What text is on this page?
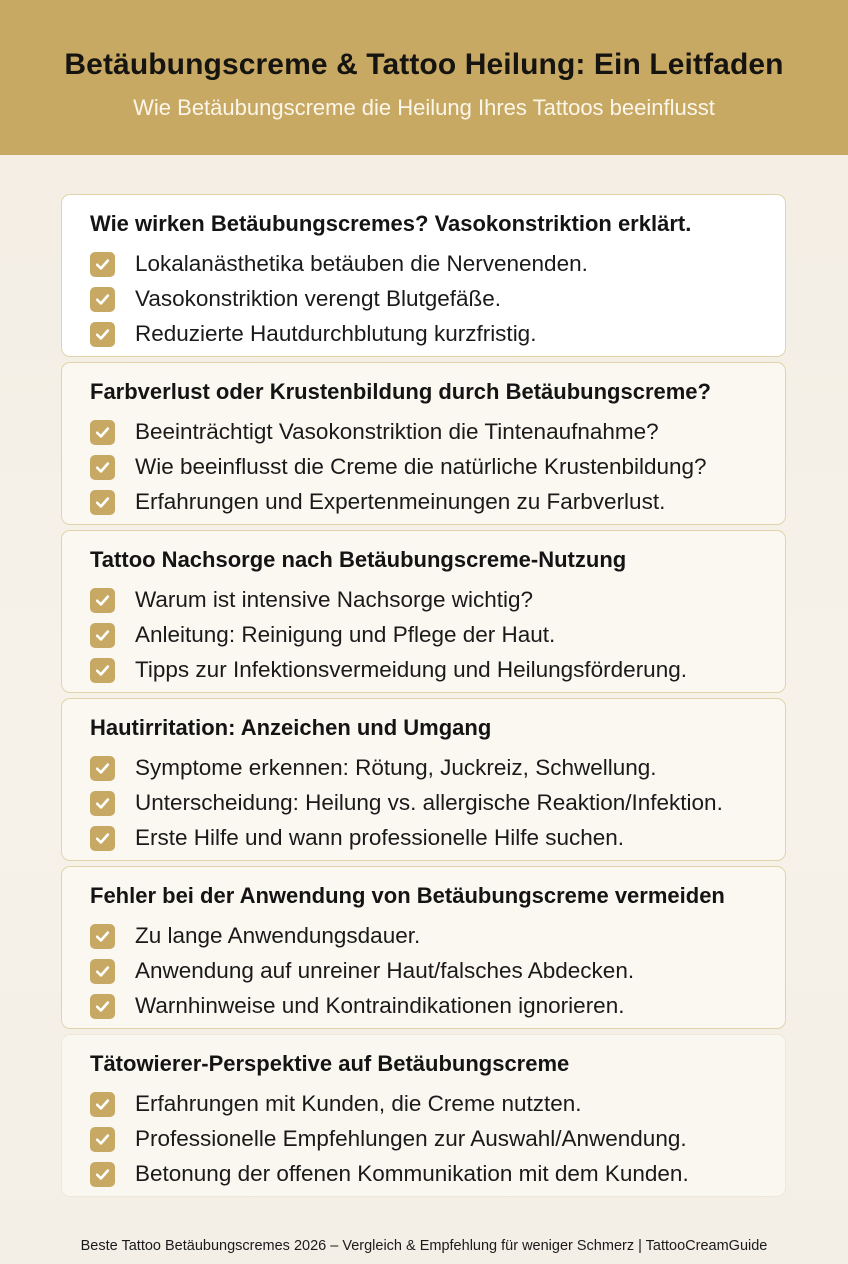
Betäubungscreme & Tattoo Heilung: Ein Leitfaden
Wie Betäubungscreme die Heilung Ihres Tattoos beeinflusst
Wie wirken Betäubungscremes? Vasokonstriktion erklärt.
Lokalanästhetika betäuben die Nervenenden.
Vasokonstriktion verengt Blutgefäße.
Reduzierte Hautdurchblutung kurzfristig.
Farbverlust oder Krustenbildung durch Betäubungscreme?
Beeinträchtigt Vasokonstriktion die Tintenaufnahme?
Wie beeinflusst die Creme die natürliche Krustenbildung?
Erfahrungen und Expertenmeinungen zu Farbverlust.
Tattoo Nachsorge nach Betäubungscreme-Nutzung
Warum ist intensive Nachsorge wichtig?
Anleitung: Reinigung und Pflege der Haut.
Tipps zur Infektionsvermeidung und Heilungsförderung.
Hautirritation: Anzeichen und Umgang
Symptome erkennen: Rötung, Juckreiz, Schwellung.
Unterscheidung: Heilung vs. allergische Reaktion/Infektion.
Erste Hilfe und wann professionelle Hilfe suchen.
Fehler bei der Anwendung von Betäubungscreme vermeiden
Zu lange Anwendungsdauer.
Anwendung auf unreiner Haut/falsches Abdecken.
Warnhinweise und Kontraindikationen ignorieren.
Tätowierer-Perspektive auf Betäubungscreme
Erfahrungen mit Kunden, die Creme nutzten.
Professionelle Empfehlungen zur Auswahl/Anwendung.
Betonung der offenen Kommunikation mit dem Kunden.
Beste Tattoo Betäubungscremes 2026 – Vergleich & Empfehlung für weniger Schmerz | TattooCreamGuide
